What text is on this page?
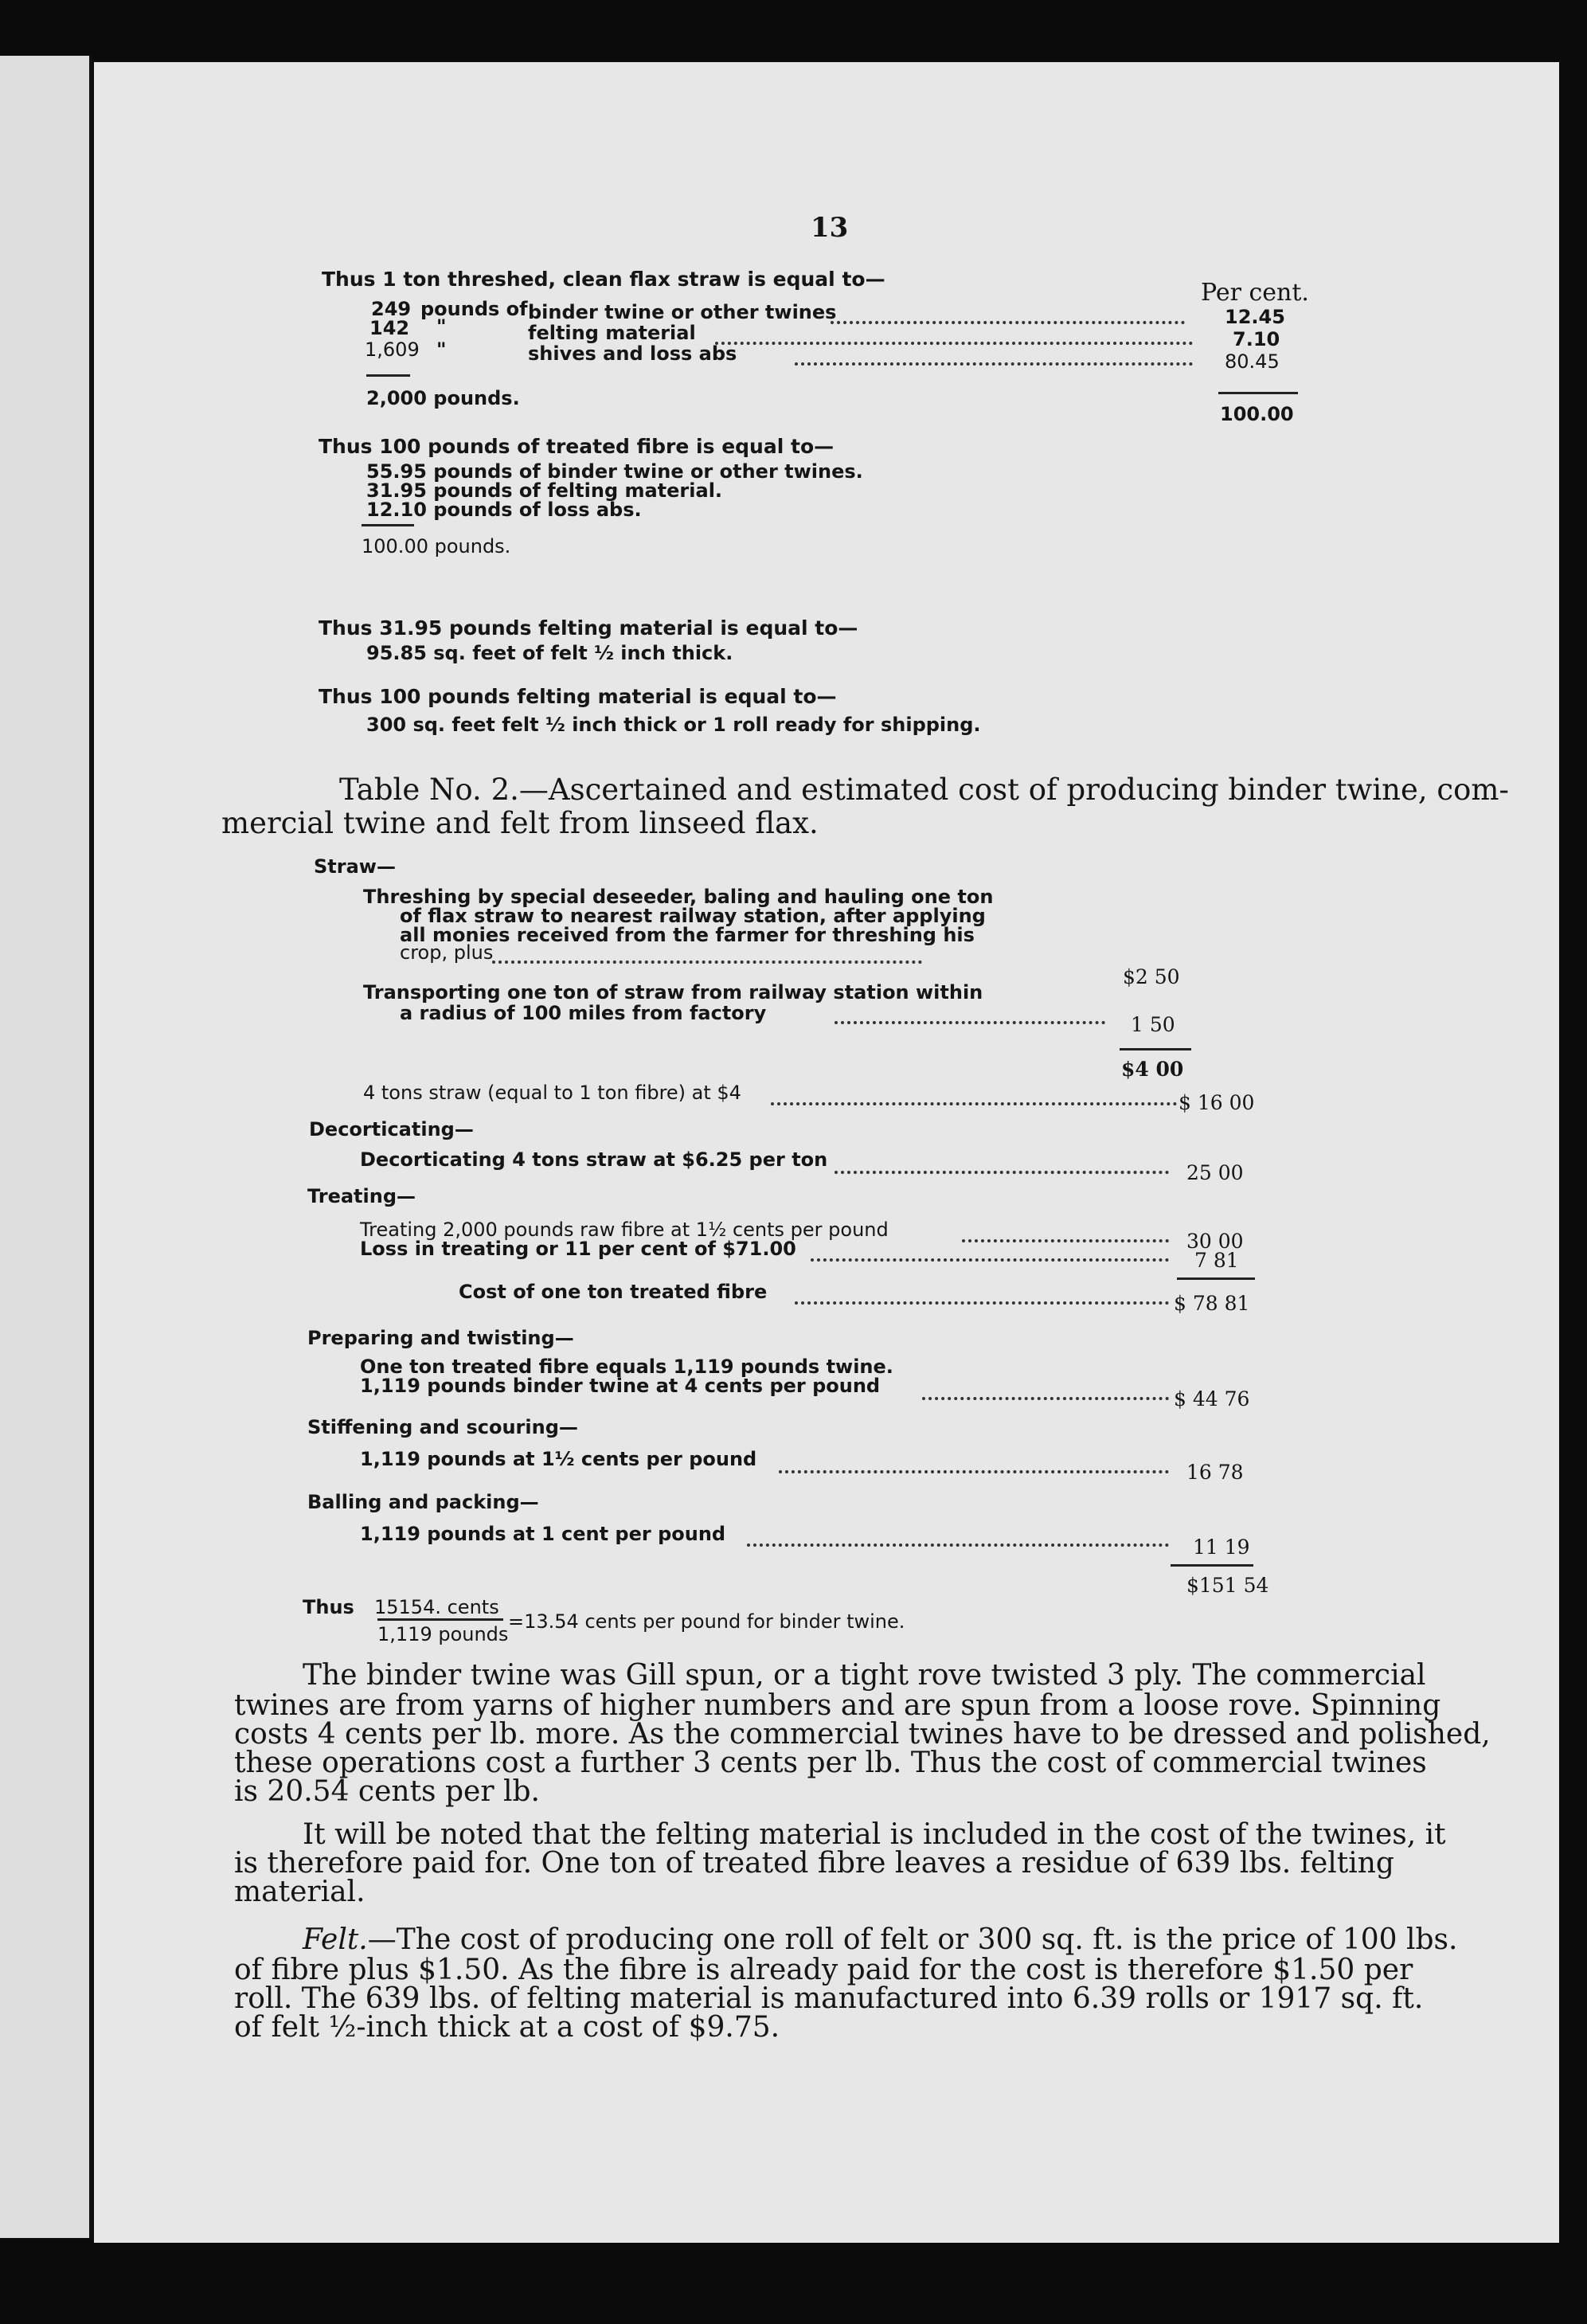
13
Thus 1 ton threshed, clean flax straw is equal to—	Per cent.
249 pounds of binder twine or other twines	12.45
142 "	felting material	7.10
1,609 "	shives and loss abs	80.45
2,000 pounds.
100.00
Thus 100 pounds of treated fibre is equal to—
55.95 pounds of binder twine or other twines.
31.95 pounds of felting material.
12.10 pounds of loss abs.
100.00 pounds.
Thus 31.95 pounds felting material is equal to—
95.85 sq. feet of felt ½ inch thick.
Thus 100 pounds felting material is equal to—
300 sq. feet felt ½ inch thick or 1 roll ready for shipping.
Table No. 2.—Ascertained and estimated cost of producing binder twine, com-
mercial twine and felt from linseed flax.
Straw—
Threshing by special deseeder, baling and hauling one ton
of flax straw to nearest railway station, after applying
all monies received from the farmer for threshing his
crop, plus
$2 50
Transporting one ton of straw from railway station within
a radius of 100 miles from factory	1 50
$4 00
4 tons straw (equal to 1 ton fibre) at $4	$ 16 00
Decorticating—
Decorticating 4 tons straw at $6.25 per ton
25 00
Treating—
Treating 2,000 pounds raw fibre at 1½ cents per pound	30 00
Loss in treating or 11 per cent of $71.00	7 81
Cost of one ton treated fibre	$ 78 81
Preparing and twisting—
One ton treated fibre equals 1,119 pounds twine.
1,119 pounds binder twine at 4 cents per pound
$ 44 76
Stiffening and scouring—
1,119 pounds at 1½ cents per pound
16 78
Balling and packing—
1,119 pounds at 1 cent per pound
11 19
$151 54
Thus 15154. cents
1,119 pounds
=13.54 cents per pound for binder twine.
The binder twine was Gill spun, or a tight rove twisted 3 ply. The commercial
twines are from yarns of higher numbers and are spun from a loose rove. Spinning
costs 4 cents per lb. more. As the commercial twines have to be dressed and polished,
these operations cost a further 3 cents per lb. Thus the cost of commercial twines
is 20.54 cents per lb.
It will be noted that the felting material is included in the cost of the twines, it
is therefore paid for. One ton of treated fibre leaves a residue of 639 lbs. felting
material.
Felt.—The cost of producing one roll of felt or 300 sq. ft. is the price of 100 lbs.
of fibre plus $1.50. As the fibre is already paid for the cost is therefore $1.50 per
roll. The 639 lbs. of felting material is manufactured into 6.39 rolls or 1917 sq. ft.
of felt ½-inch thick at a cost of $9.75.
